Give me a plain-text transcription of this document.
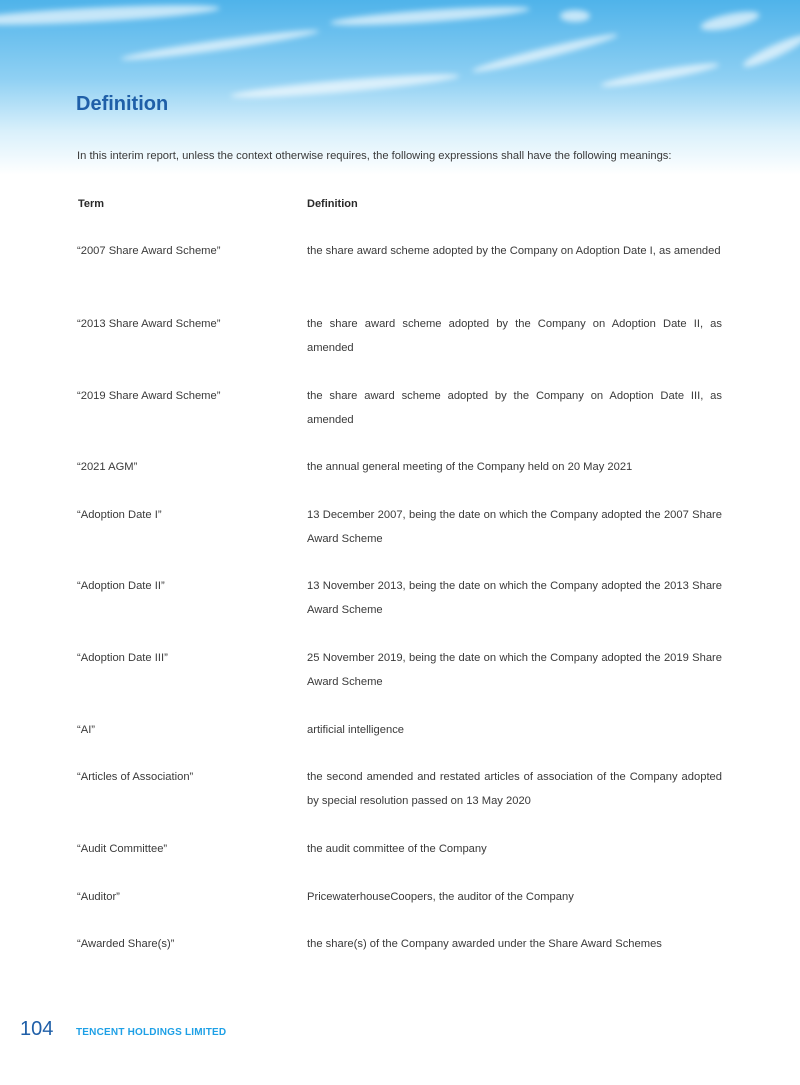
Definition
In this interim report, unless the context otherwise requires, the following expressions shall have the following meanings:
Term	Definition
“2007 Share Award Scheme”	the share award scheme adopted by the Company on Adoption Date I, as amended
“2013 Share Award Scheme”	the share award scheme adopted by the Company on Adoption Date II, as amended
“2019 Share Award Scheme”	the share award scheme adopted by the Company on Adoption Date III, as amended
“2021 AGM”	the annual general meeting of the Company held on 20 May 2021
“Adoption Date I”	13 December 2007, being the date on which the Company adopted the 2007 Share Award Scheme
“Adoption Date II”	13 November 2013, being the date on which the Company adopted the 2013 Share Award Scheme
“Adoption Date III”	25 November 2019, being the date on which the Company adopted the 2019 Share Award Scheme
“AI”	artificial intelligence
“Articles of Association”	the second amended and restated articles of association of the Company adopted by special resolution passed on 13 May 2020
“Audit Committee”	the audit committee of the Company
“Auditor”	PricewaterhouseCoopers, the auditor of the Company
“Awarded Share(s)”	the share(s) of the Company awarded under the Share Award Schemes
104 TENCENT HOLDINGS LIMITED
